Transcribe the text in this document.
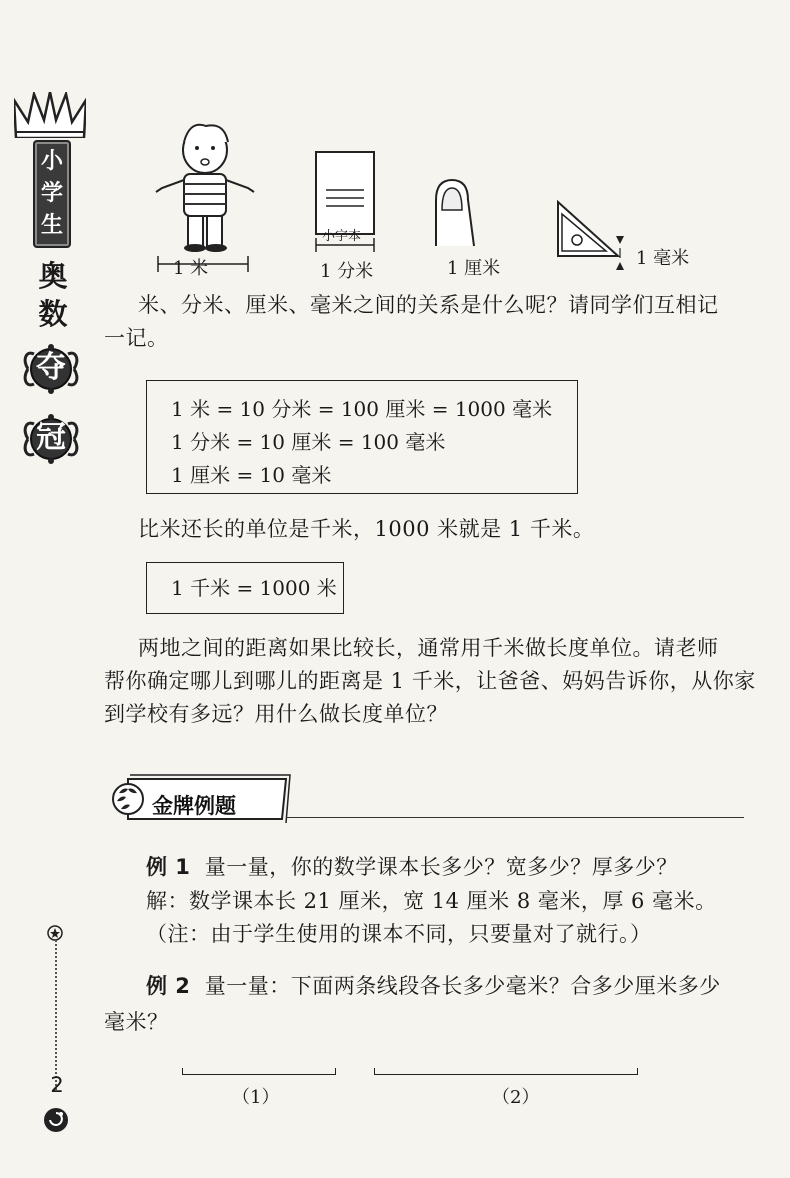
小
学
生
奥
数
夺
冠
2
1 米
小字本
1 分米	1 厘米	1 毫米

米、分米、厘米、毫米之间的关系是什么呢？请同学们互相记

一记。

1 米 = 10 分米 = 100 厘米 = 1000 毫米
1 分米 = 10 厘米 = 100 毫米
1 厘米 = 10 毫米

比米还长的单位是千米，1000 米就是 1 千米。

1 千米 = 1000 米

两地之间的距离如果比较长，通常用千米做长度单位。请老师

帮你确定哪儿到哪儿的距离是 1 千米，让爸爸、妈妈告诉你，从你家

到学校有多远？用什么做长度单位？

金牌例题

例 1 量一量，你的数学课本长多少？宽多少？厚多少？

解：数学课本长 21 厘米，宽 14 厘米 8 毫米，厚 6 毫米。

（注：由于学生使用的课本不同，只要量对了就行。）

例 2 量一量：下面两条线段各长多少毫米？合多少厘米多少

毫米？

（1）	（2）
